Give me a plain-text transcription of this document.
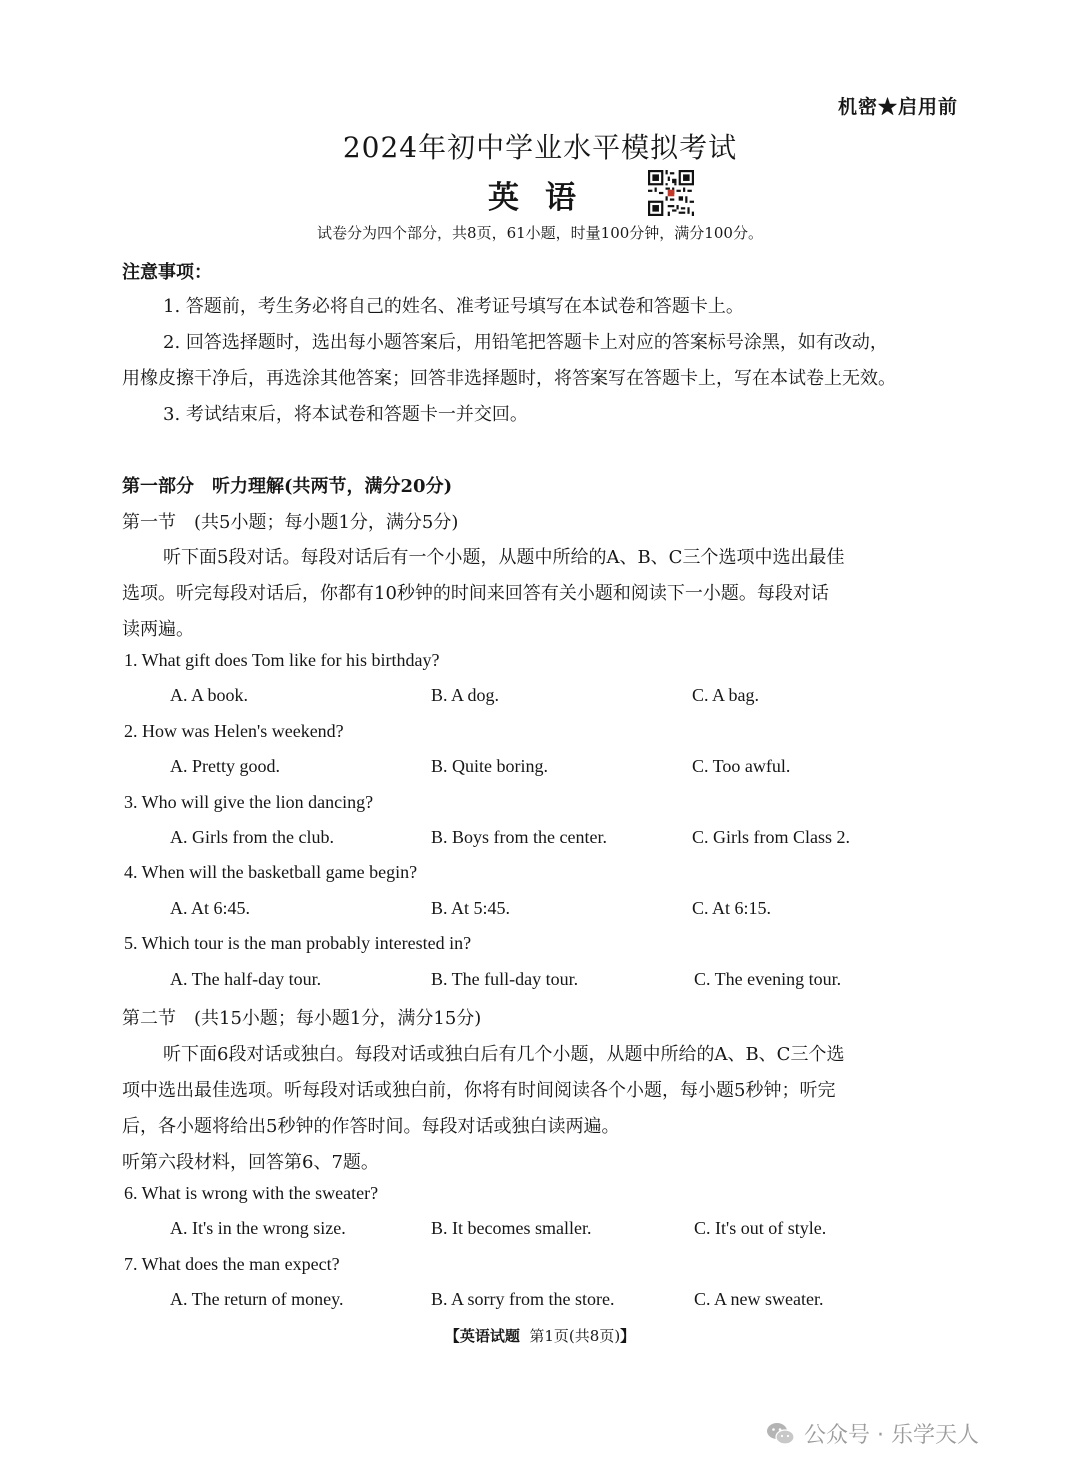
机密★启用前
2024年初中学业水平模拟考试
英语
试卷分为四个部分，共8页，61小题，时量100分钟，满分100分。
注意事项：
1. 答题前，考生务必将自己的姓名、准考证号填写在本试卷和答题卡上。
2. 回答选择题时，选出每小题答案后，用铅笔把答题卡上对应的答案标号涂黑，如有改动，
用橡皮擦干净后，再选涂其他答案；回答非选择题时，将答案写在答题卡上，写在本试卷上无效。
3. 考试结束后，将本试卷和答题卡一并交回。
第一部分　听力理解(共两节，满分20分)
第一节　(共5小题；每小题1分，满分5分)
听下面5段对话。每段对话后有一个小题，从题中所给的A、B、C三个选项中选出最佳
选项。听完每段对话后，你都有10秒钟的时间来回答有关小题和阅读下一小题。每段对话
读两遍。
1. What gift does Tom like for his birthday?
A. A book.	B. A dog.	C. A bag.
2. How was Helen's weekend?
A. Pretty good.	B. Quite boring.	C. Too awful.
3. Who will give the lion dancing?
A. Girls from the club.	B. Boys from the center.	C. Girls from Class 2.
4. When will the basketball game begin?
A. At 6:45.	B. At 5:45.	C. At 6:15.
5. Which tour is the man probably interested in?
A. The half-day tour.	B. The full-day tour.	C. The evening tour.
第二节　(共15小题；每小题1分，满分15分)
听下面6段对话或独白。每段对话或独白后有几个小题，从题中所给的A、B、C三个选
项中选出最佳选项。听每段对话或独白前，你将有时间阅读各个小题，每小题5秒钟；听完
后，各小题将给出5秒钟的作答时间。每段对话或独白读两遍。
听第六段材料，回答第6、7题。
6. What is wrong with the sweater?
A. It's in the wrong size.	B. It becomes smaller.	C. It's out of style.
7. What does the man expect?
A. The return of money.	B. A sorry from the store.	C. A new sweater.
【英语试题 第1页(共8页)】
公众号 · 乐学天人
